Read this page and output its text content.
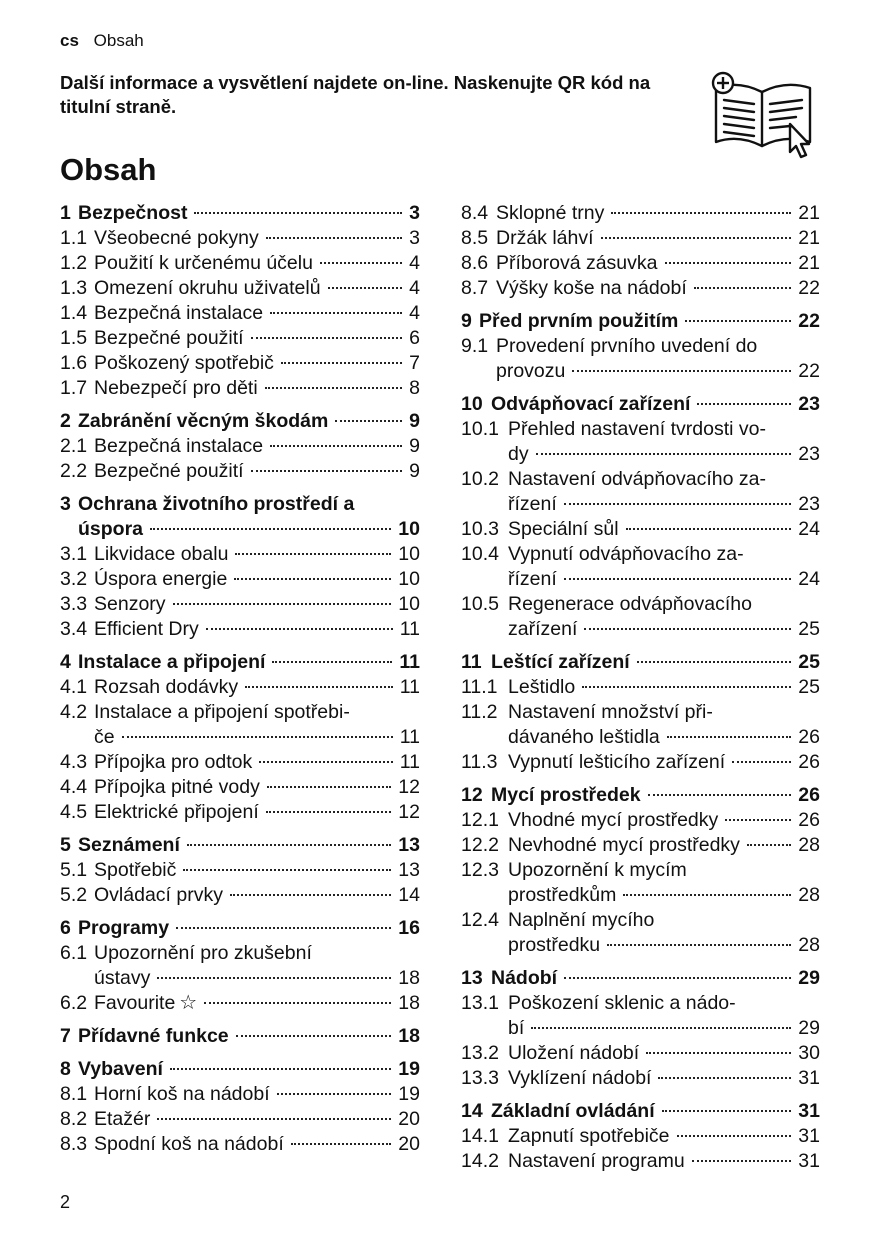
cs Obsah
Další informace a vysvětlení najdete on-line. Naskenujte QR kód na titulní straně.
Obsah
1 Bezpečnost	3
1.1 Všeobecné pokyny	3
1.2 Použití k určenému účelu	4
1.3 Omezení okruhu uživatelů	4
1.4 Bezpečná instalace	4
1.5 Bezpečné použití	6
1.6 Poškozený spotřebič	7
1.7 Nebezpečí pro děti	8
2 Zabránění věcným škodám	9
2.1 Bezpečná instalace	9
2.2 Bezpečné použití	9
3 Ochrana životního prostředí a
úspora	10
3.1 Likvidace obalu	10
3.2 Úspora energie	10
3.3 Senzory	10
3.4 Efficient Dry	11
4 Instalace a připojení	11
4.1 Rozsah dodávky	11
4.2 Instalace a připojení spotřebi-
če	11
4.3 Přípojka pro odtok	11
4.4 Přípojka pitné vody	12
4.5 Elektrické připojení	12
5 Seznámení	13
5.1 Spotřebič	13
5.2 Ovládací prvky	14
6 Programy	16
6.1 Upozornění pro zkušební
ústavy	18
6.2 Favourite ☆	18
7 Přídavné funkce	18
8 Vybavení	19
8.1 Horní koš na nádobí	19
8.2 Etažér	20
8.3 Spodní koš na nádobí	20
8.4 Sklopné trny	21
8.5 Držák láhví	21
8.6 Příborová zásuvka	21
8.7 Výšky koše na nádobí	22
9 Před prvním použitím	22
9.1 Provedení prvního uvedení do
provozu	22
10 Odvápňovací zařízení	23
10.1 Přehled nastavení tvrdosti vo-
dy	23
10.2 Nastavení odvápňovacího za-
řízení	23
10.3 Speciální sůl	24
10.4 Vypnutí odvápňovacího za-
řízení	24
10.5 Regenerace odvápňovacího
zařízení	25
11 Leštící zařízení	25
11.1 Leštidlo	25
11.2 Nastavení množství při-
dávaného leštidla	26
11.3 Vypnutí lešticího zařízení	26
12 Mycí prostředek	26
12.1 Vhodné mycí prostředky	26
12.2 Nevhodné mycí prostředky	28
12.3 Upozornění k mycím
prostředkům	28
12.4 Naplnění mycího
prostředku	28
13 Nádobí	29
13.1 Poškození sklenic a nádo-
bí	29
13.2 Uložení nádobí	30
13.3 Vyklízení nádobí	31
14 Základní ovládání	31
14.1 Zapnutí spotřebiče	31
14.2 Nastavení programu	31
2
